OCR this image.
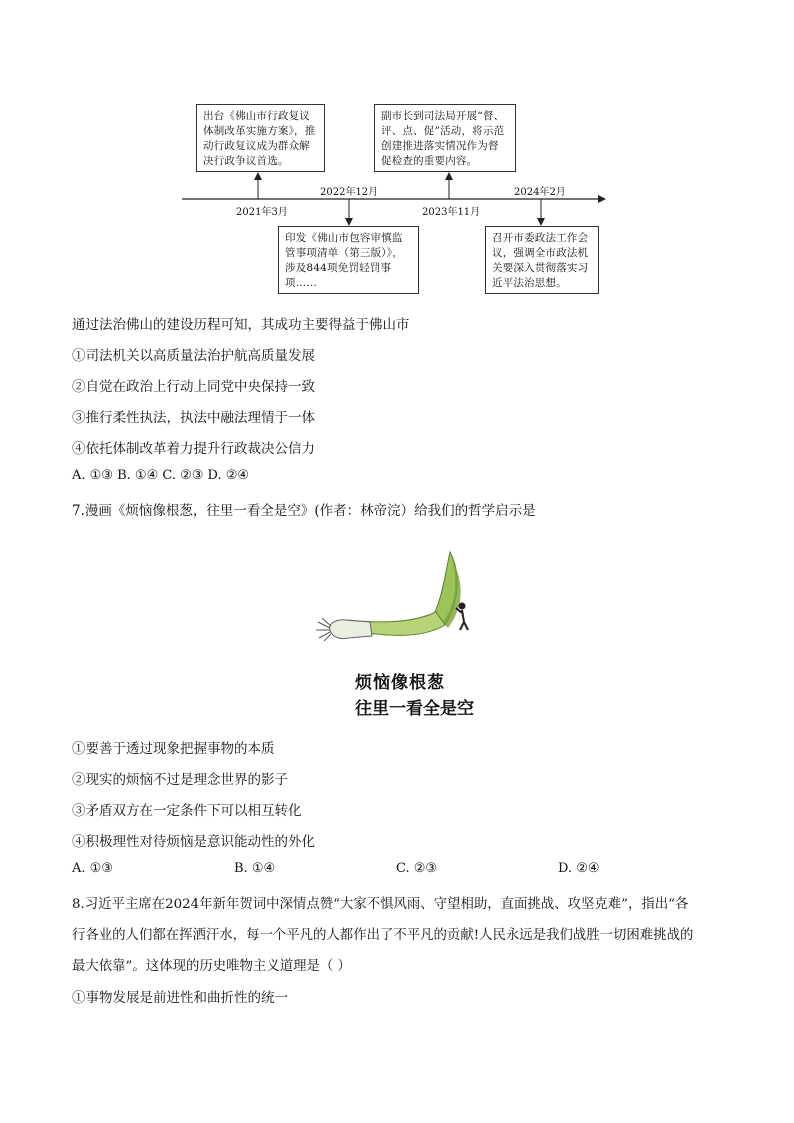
出台《佛山市行政复议体制改革实施方案》，推动行政复议成为群众解决行政争议首选。
副市长到司法局开展“督、评、点、促”活动，将示范创建推进落实情况作为督促检查的重要内容。
印发《佛山市包容审慎监管事项清单（第三版）》，涉及844项免罚轻罚事项……
召开市委政法工作会议，强调全市政法机关要深入贯彻落实习近平法治思想。
2021年3月
2022年12月
2023年11月
2024年2月
通过法治佛山的建设历程可知，其成功主要得益于佛山市
①司法机关以高质量法治护航高质量发展
②自觉在政治上行动上同党中央保持一致
③推行柔性执法，执法中融法理情于一体
④依托体制改革着力提升行政裁决公信力
A. ①③ B. ①④ C. ②③ D. ②④
7.漫画《烦恼像根葱，往里一看全是空》(作者：林帝浣）给我们的哲学启示是
烦恼像根葱
往里一看全是空
①要善于透过现象把握事物的本质
②现实的烦恼不过是理念世界的影子
③矛盾双方在一定条件下可以相互转化
④积极理性对待烦恼是意识能动性的外化
A. ①③	B. ①④	C. ②③	D. ②④
8.习近平主席在2024年新年贺词中深情点赞“大家不惧风雨、守望相助，直面挑战、攻坚克难”，指出“各
行各业的人们都在挥洒汗水，每一个平凡的人都作出了不平凡的贡献!人民永远是我们战胜一切困难挑战的
最大依靠”。这体现的历史唯物主义道理是（ ）
①事物发展是前进性和曲折性的统一
